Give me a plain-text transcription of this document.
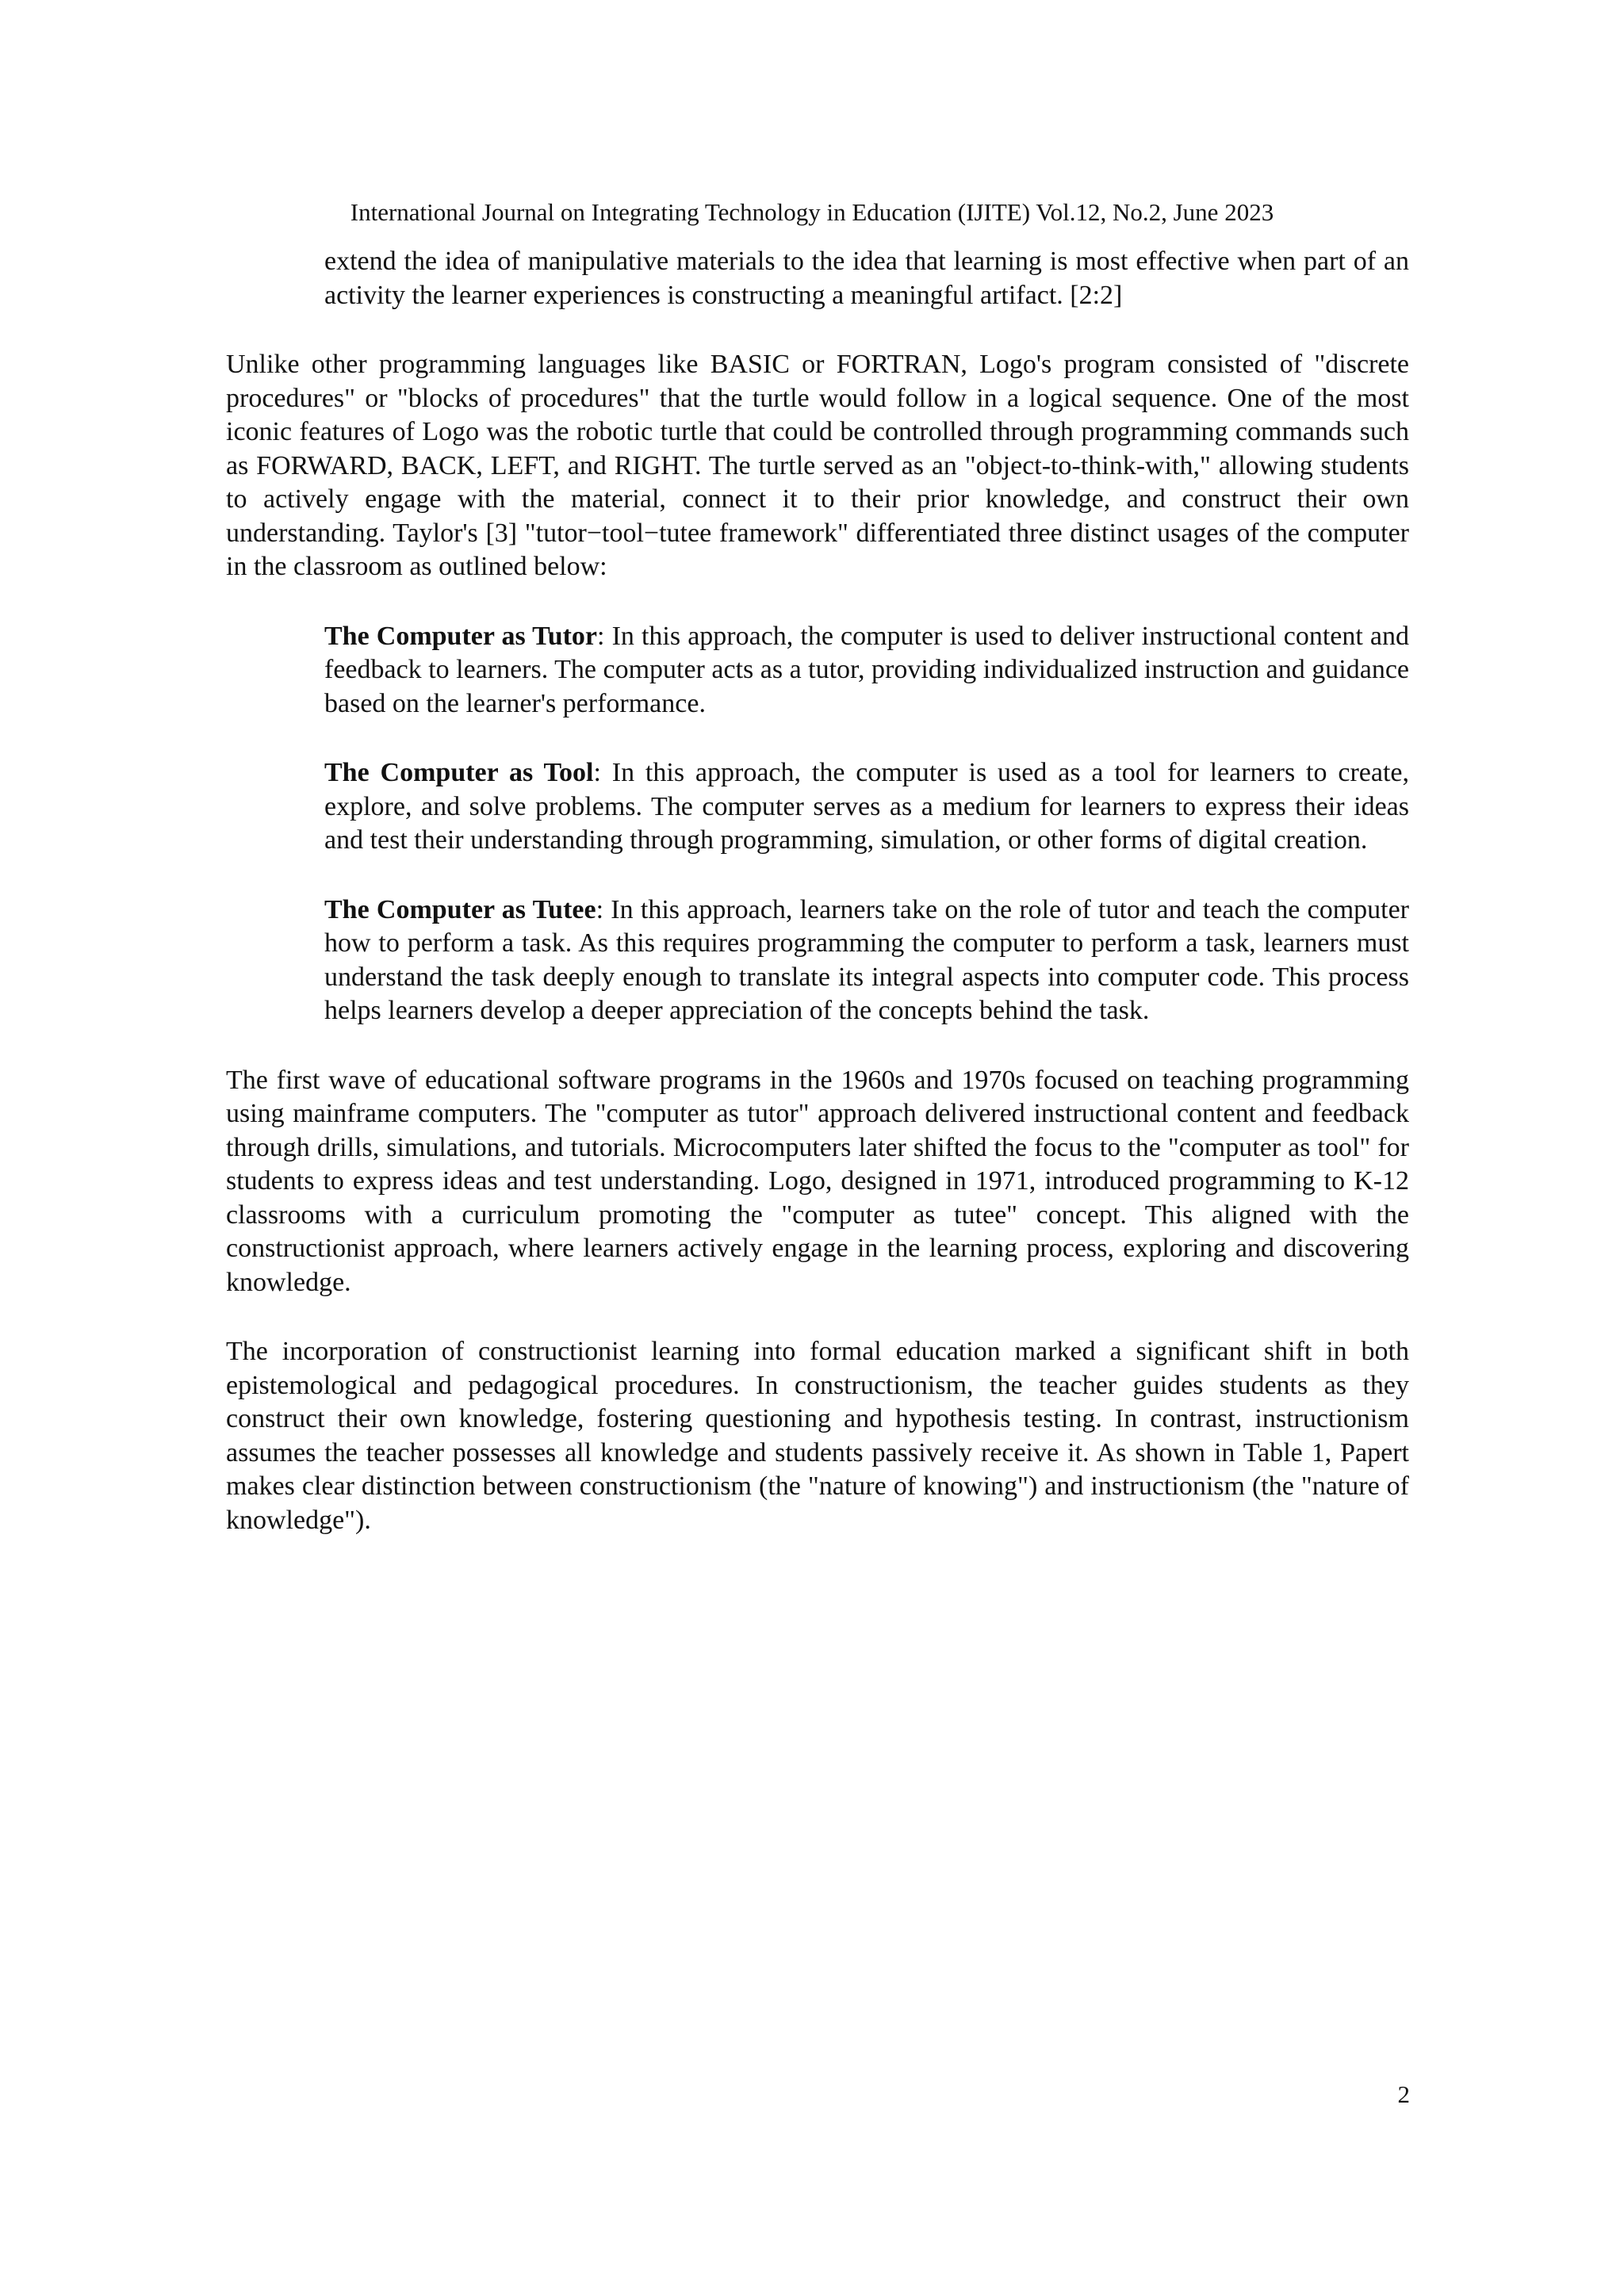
International Journal on Integrating Technology in Education (IJITE) Vol.12, No.2, June 2023

extend the idea of manipulative materials to the idea that learning is most effective when part of an activity the learner experiences is constructing a meaningful artifact. [2:2]

Unlike other programming languages like BASIC or FORTRAN, Logo's program consisted of "discrete procedures" or "blocks of procedures" that the turtle would follow in a logical sequence. One of the most iconic features of Logo was the robotic turtle that could be controlled through programming commands such as FORWARD, BACK, LEFT, and RIGHT. The turtle served as an "object-to-think-with," allowing students to actively engage with the material, connect it to their prior knowledge, and construct their own understanding. Taylor's [3] "tutor−tool−tutee framework" differentiated three distinct usages of the computer in the classroom as outlined below:

The Computer as Tutor: In this approach, the computer is used to deliver instructional content and feedback to learners. The computer acts as a tutor, providing individualized instruction and guidance based on the learner's performance.

The Computer as Tool: In this approach, the computer is used as a tool for learners to create, explore, and solve problems. The computer serves as a medium for learners to express their ideas and test their understanding through programming, simulation, or other forms of digital creation.

The Computer as Tutee: In this approach, learners take on the role of tutor and teach the computer how to perform a task. As this requires programming the computer to perform a task, learners must understand the task deeply enough to translate its integral aspects into computer code. This process helps learners develop a deeper appreciation of the concepts behind the task.

The first wave of educational software programs in the 1960s and 1970s focused on teaching programming using mainframe computers. The "computer as tutor" approach delivered instructional content and feedback through drills, simulations, and tutorials. Microcomputers later shifted the focus to the "computer as tool" for students to express ideas and test understanding. Logo, designed in 1971, introduced programming to K-12 classrooms with a curriculum promoting the "computer as tutee" concept. This aligned with the constructionist approach, where learners actively engage in the learning process, exploring and discovering knowledge.

The incorporation of constructionist learning into formal education marked a significant shift in both epistemological and pedagogical procedures. In constructionism, the teacher guides students as they construct their own knowledge, fostering questioning and hypothesis testing. In contrast, instructionism assumes the teacher possesses all knowledge and students passively receive it. As shown in Table 1, Papert makes clear distinction between constructionism (the "nature of knowing") and instructionism (the "nature of knowledge").

2
